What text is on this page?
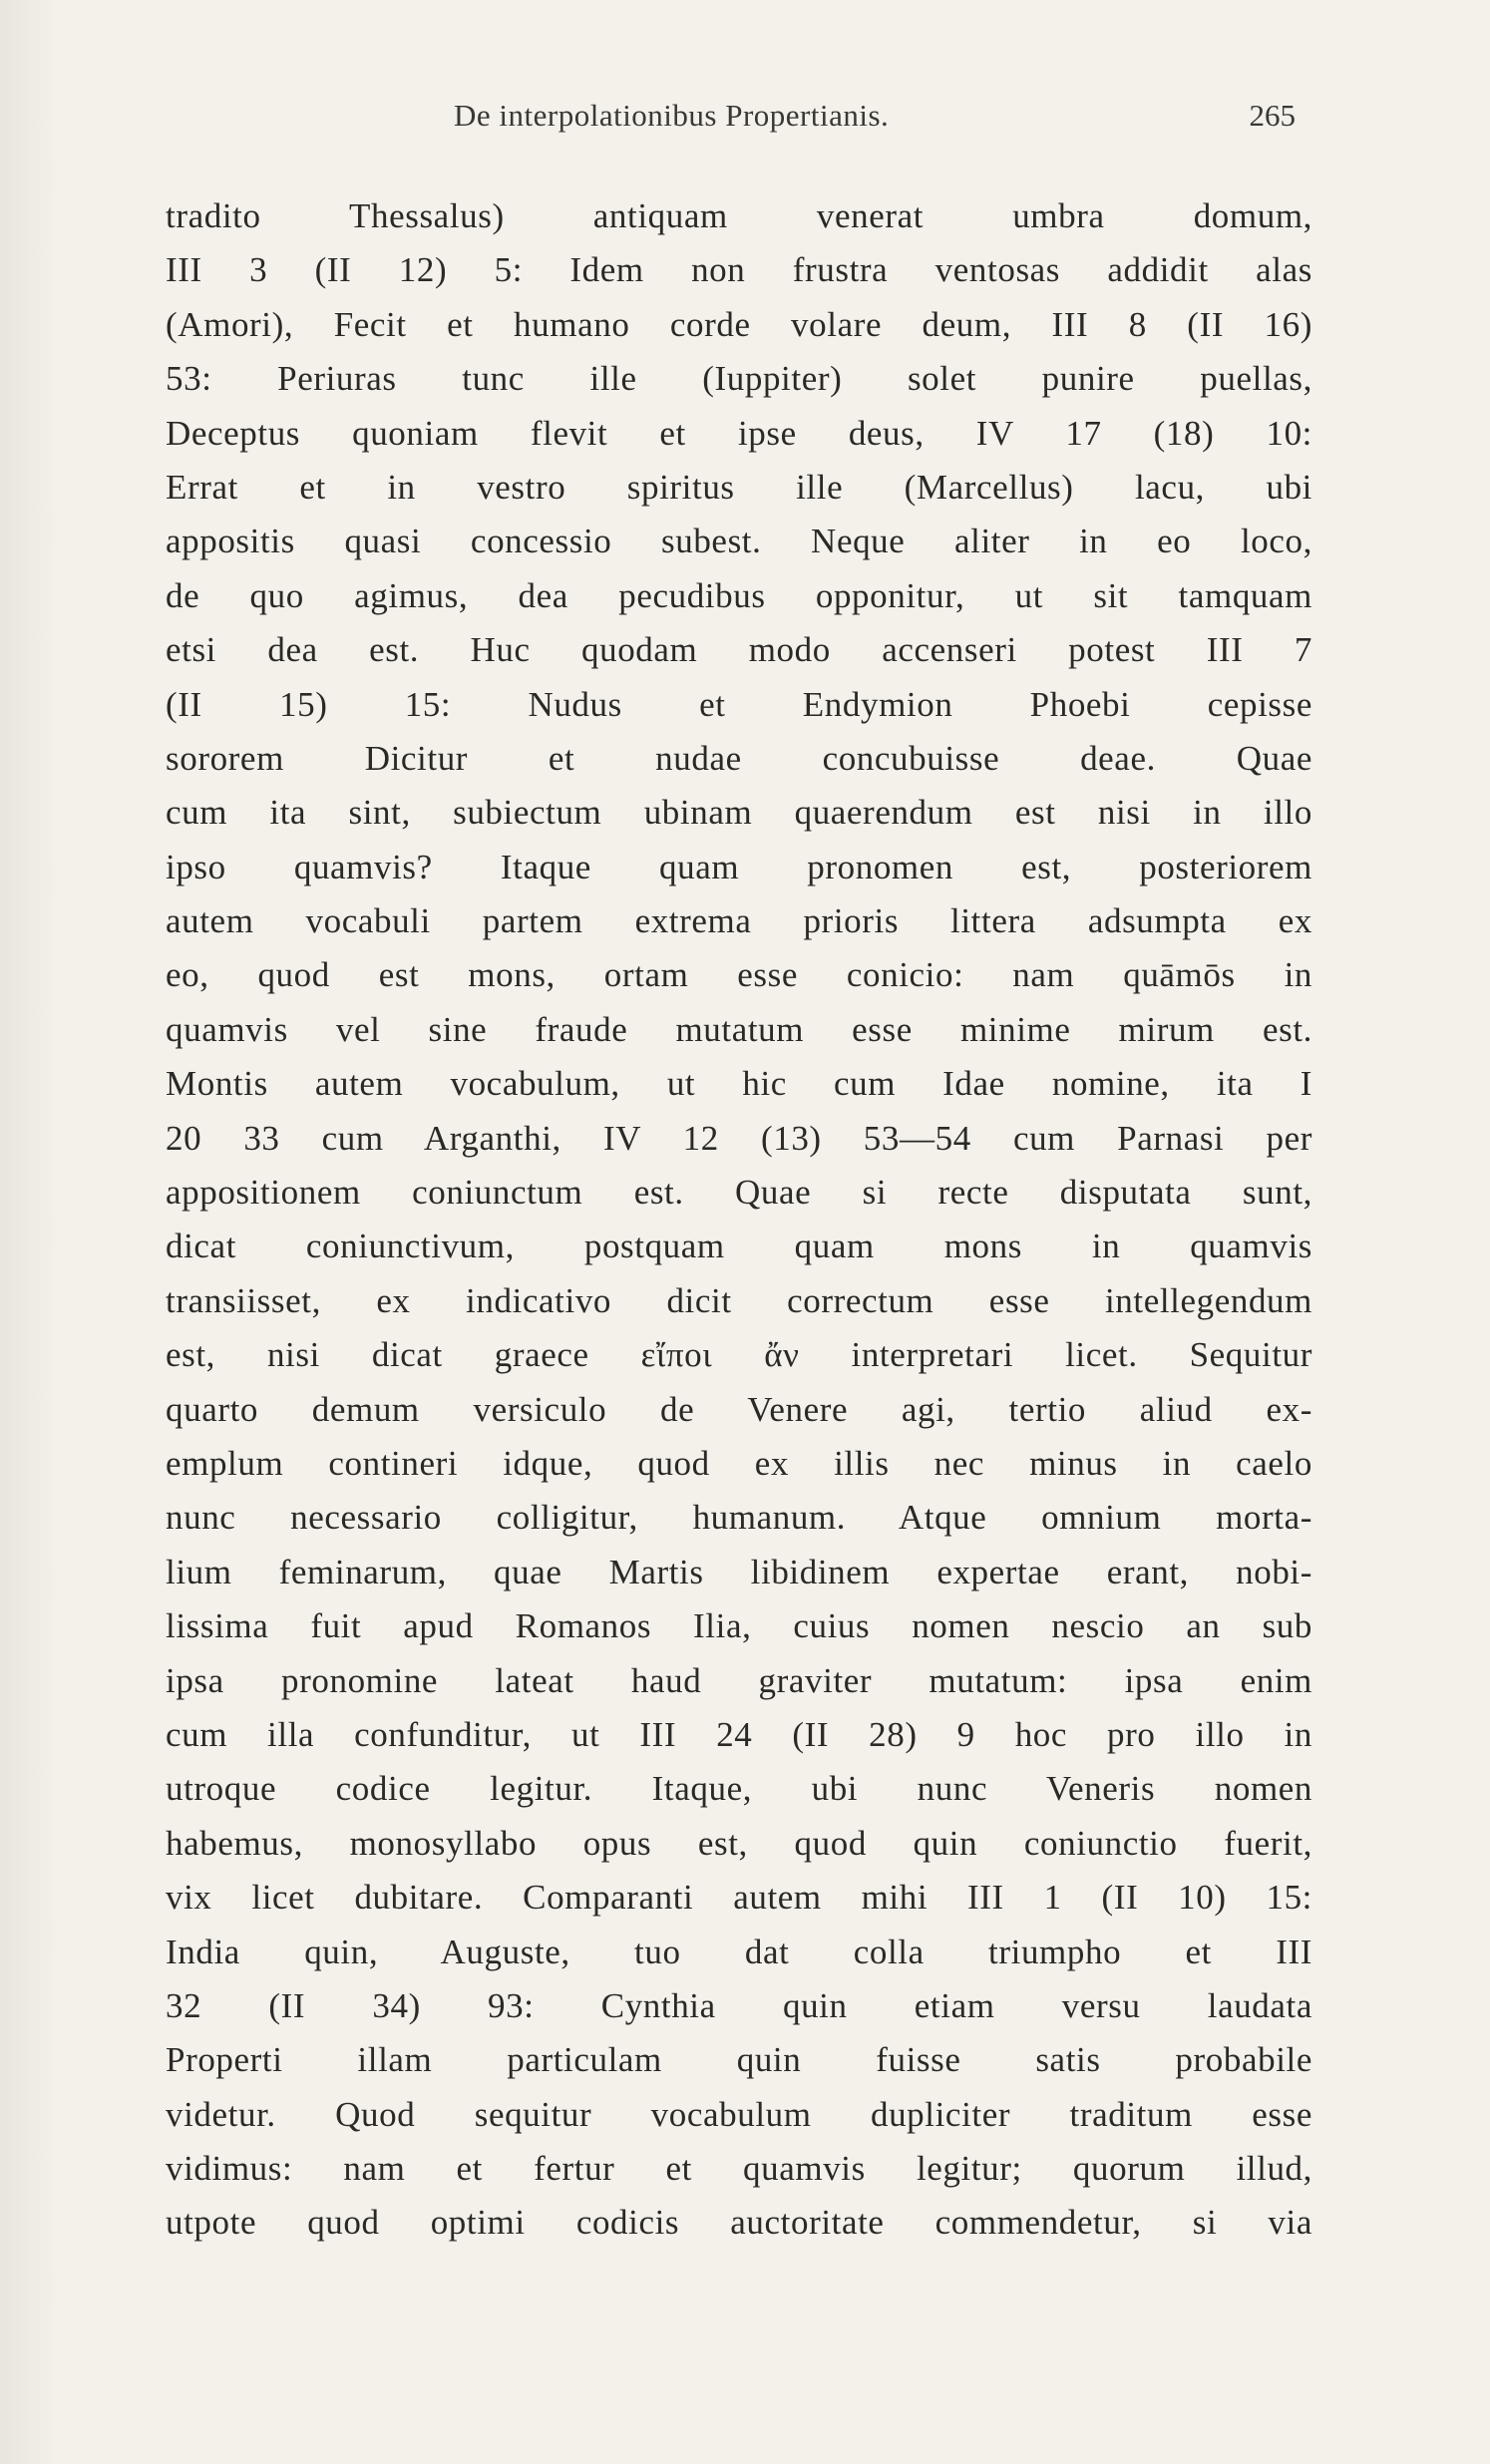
De interpolationibus Propertianis.	265
tradito Thessalus) antiquam venerat umbra domum,
III 3 (II 12) 5: Idem non frustra ventosas addidit alas
(Amori), Fecit et humano corde volare deum, III 8 (II 16)
53: Periuras tunc ille (Iuppiter) solet punire puellas,
Deceptus quoniam flevit et ipse deus, IV 17 (18) 10:
Errat et in vestro spiritus ille (Marcellus) lacu, ubi
appositis quasi concessio subest. Neque aliter in eo loco,
de quo agimus, dea pecudibus opponitur, ut sit tamquam
etsi dea est. Huc quodam modo accenseri potest III 7
(II 15) 15: Nudus et Endymion Phoebi cepisse
sororem Dicitur et nudae concubuisse deae. Quae
cum ita sint, subiectum ubinam quaerendum est nisi in illo
ipso quamvis? Itaque quam pronomen est, posteriorem
autem vocabuli partem extrema prioris littera adsumpta ex
eo, quod est mons, ortam esse conicio: nam quāmōs in
quamvis vel sine fraude mutatum esse minime mirum est.
Montis autem vocabulum, ut hic cum Idae nomine, ita I
20 33 cum Arganthi, IV 12 (13) 53—54 cum Parnasi per
appositionem coniunctum est. Quae si recte disputata sunt,
dicat coniunctivum, postquam quam mons in quamvis
transiisset, ex indicativo dicit correctum esse intellegendum
est, nisi dicat graece εἴποι ἄν interpretari licet. Sequitur
quarto demum versiculo de Venere agi, tertio aliud ex-
emplum contineri idque, quod ex illis nec minus in caelo
nunc necessario colligitur, humanum. Atque omnium morta-
lium feminarum, quae Martis libidinem expertae erant, nobi-
lissima fuit apud Romanos Ilia, cuius nomen nescio an sub
ipsa pronomine lateat haud graviter mutatum: ipsa enim
cum illa confunditur, ut III 24 (II 28) 9 hoc pro illo in
utroque codice legitur. Itaque, ubi nunc Veneris nomen
habemus, monosyllabo opus est, quod quin coniunctio fuerit,
vix licet dubitare. Comparanti autem mihi III 1 (II 10) 15:
India quin, Auguste, tuo dat colla triumpho et III
32 (II 34) 93: Cynthia quin etiam versu laudata
Properti illam particulam quin fuisse satis probabile
videtur. Quod sequitur vocabulum dupliciter traditum esse
vidimus: nam et fertur et quamvis legitur; quorum illud,
utpote quod optimi codicis auctoritate commendetur, si via
